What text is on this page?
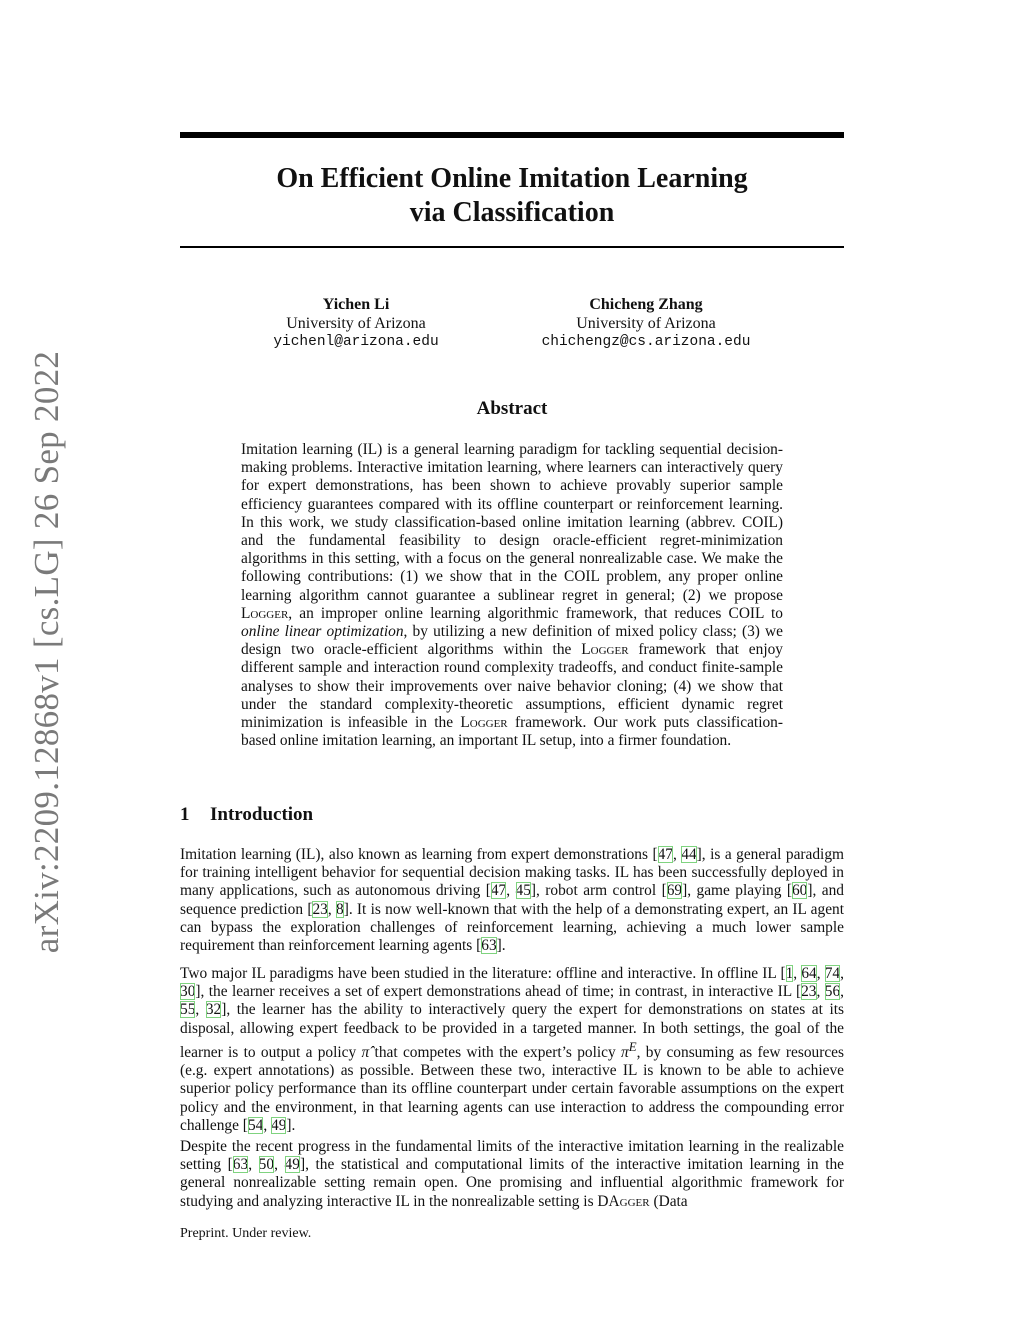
arXiv:2209.12868v1 [cs.LG] 26 Sep 2022
On Efficient Online Imitation Learning
via Classification
Yichen Li
University of Arizona
yichenl@arizona.edu
Chicheng Zhang
University of Arizona
chichengz@cs.arizona.edu
Abstract
Imitation learning (IL) is a general learning paradigm for tackling sequential decision-making problems. Interactive imitation learning, where learners can interactively query for expert demonstrations, has been shown to achieve provably superior sample efficiency guarantees compared with its offline counterpart or reinforcement learning. In this work, we study classification-based online imitation learning (abbrev. COIL) and the fundamental feasibility to design oracle-efficient regret-minimization algorithms in this setting, with a focus on the general nonrealizable case. We make the following contributions: (1) we show that in the COIL problem, any proper online learning algorithm cannot guarantee a sublinear regret in general; (2) we propose Logger, an improper online learning algorithmic framework, that reduces COIL to online linear optimization, by utilizing a new definition of mixed policy class; (3) we design two oracle-efficient algorithms within the Logger framework that enjoy different sample and interaction round complexity tradeoffs, and conduct finite-sample analyses to show their improvements over naive behavior cloning; (4) we show that under the standard complexity-theoretic assumptions, efficient dynamic regret minimization is infeasible in the Logger framework. Our work puts classification-based online imitation learning, an important IL setup, into a firmer foundation.
1 Introduction

Imitation learning (IL), also known as learning from expert demonstrations [47, 44], is a general paradigm for training intelligent behavior for sequential decision making tasks. IL has been successfully deployed in many applications, such as autonomous driving [47, 45], robot arm control [69], game playing [60], and sequence prediction [23, 8]. It is now well-known that with the help of a demonstrating expert, an IL agent can bypass the exploration challenges of reinforcement learning, achieving a much lower sample requirement than reinforcement learning agents [63].

Two major IL paradigms have been studied in the literature: offline and interactive. In offline IL [1, 64, 74, 30], the learner receives a set of expert demonstrations ahead of time; in contrast, in interactive IL [23, 56, 55, 32], the learner has the ability to interactively query the expert for demonstrations on states at its disposal, allowing expert feedback to be provided in a targeted manner. In both settings, the goal of the learner is to output a policy π̂ that competes with the expert’s policy $\pi^E$, by consuming as few resources (e.g. expert annotations) as possible. Between these two, interactive IL is known to be able to achieve superior policy performance than its offline counterpart under certain favorable assumptions on the expert policy and the environment, in that learning agents can use interaction to address the compounding error challenge [54, 49].

Despite the recent progress in the fundamental limits of the interactive imitation learning in the realizable setting [63, 50, 49], the statistical and computational limits of the interactive imitation learning in the general nonrealizable setting remain open. One promising and influential algorithmic framework for studying and analyzing interactive IL in the nonrealizable setting is DAgger (Data

Preprint. Under review.
